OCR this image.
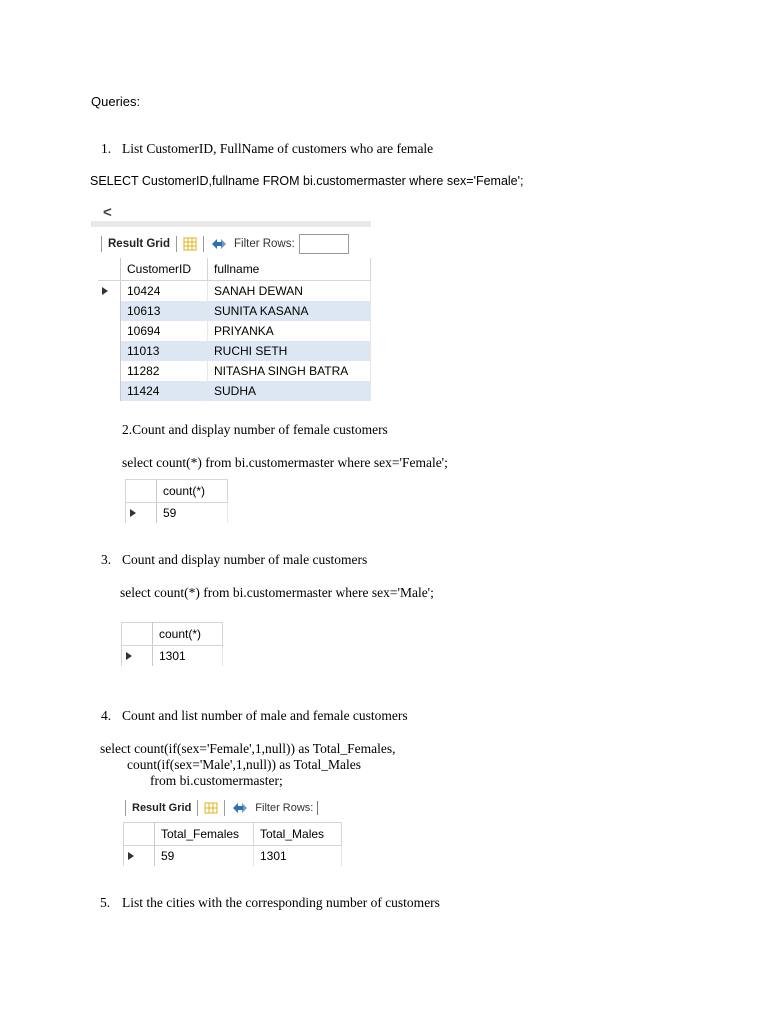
Queries:
1. List CustomerID, FullName of customers who are female
SELECT CustomerID,fullname FROM bi.customermaster where sex='Female';
<
Result Grid	Filter Rows:
	CustomerID	fullname
	10424	SANAH DEWAN
	10613	SUNITA KASANA
	10694	PRIYANKA
	11013	RUCHI SETH
	11282	NITASHA SINGH BATRA
	11424	SUDHA
2.Count and display number of female customers
select count(*) from bi.customermaster where sex='Female';
	count(*)
	59
3. Count and display number of male customers
select count(*) from bi.customermaster where sex='Male';
	count(*)
	1301
4. Count and list number of male and female customers
select count(if(sex='Female',1,null)) as Total_Females,
count(if(sex='Male',1,null)) as Total_Males
from bi.customermaster;
Result Grid	Filter Rows:
	Total_Females	Total_Males
	59	1301
5. List the cities with the corresponding number of customers
